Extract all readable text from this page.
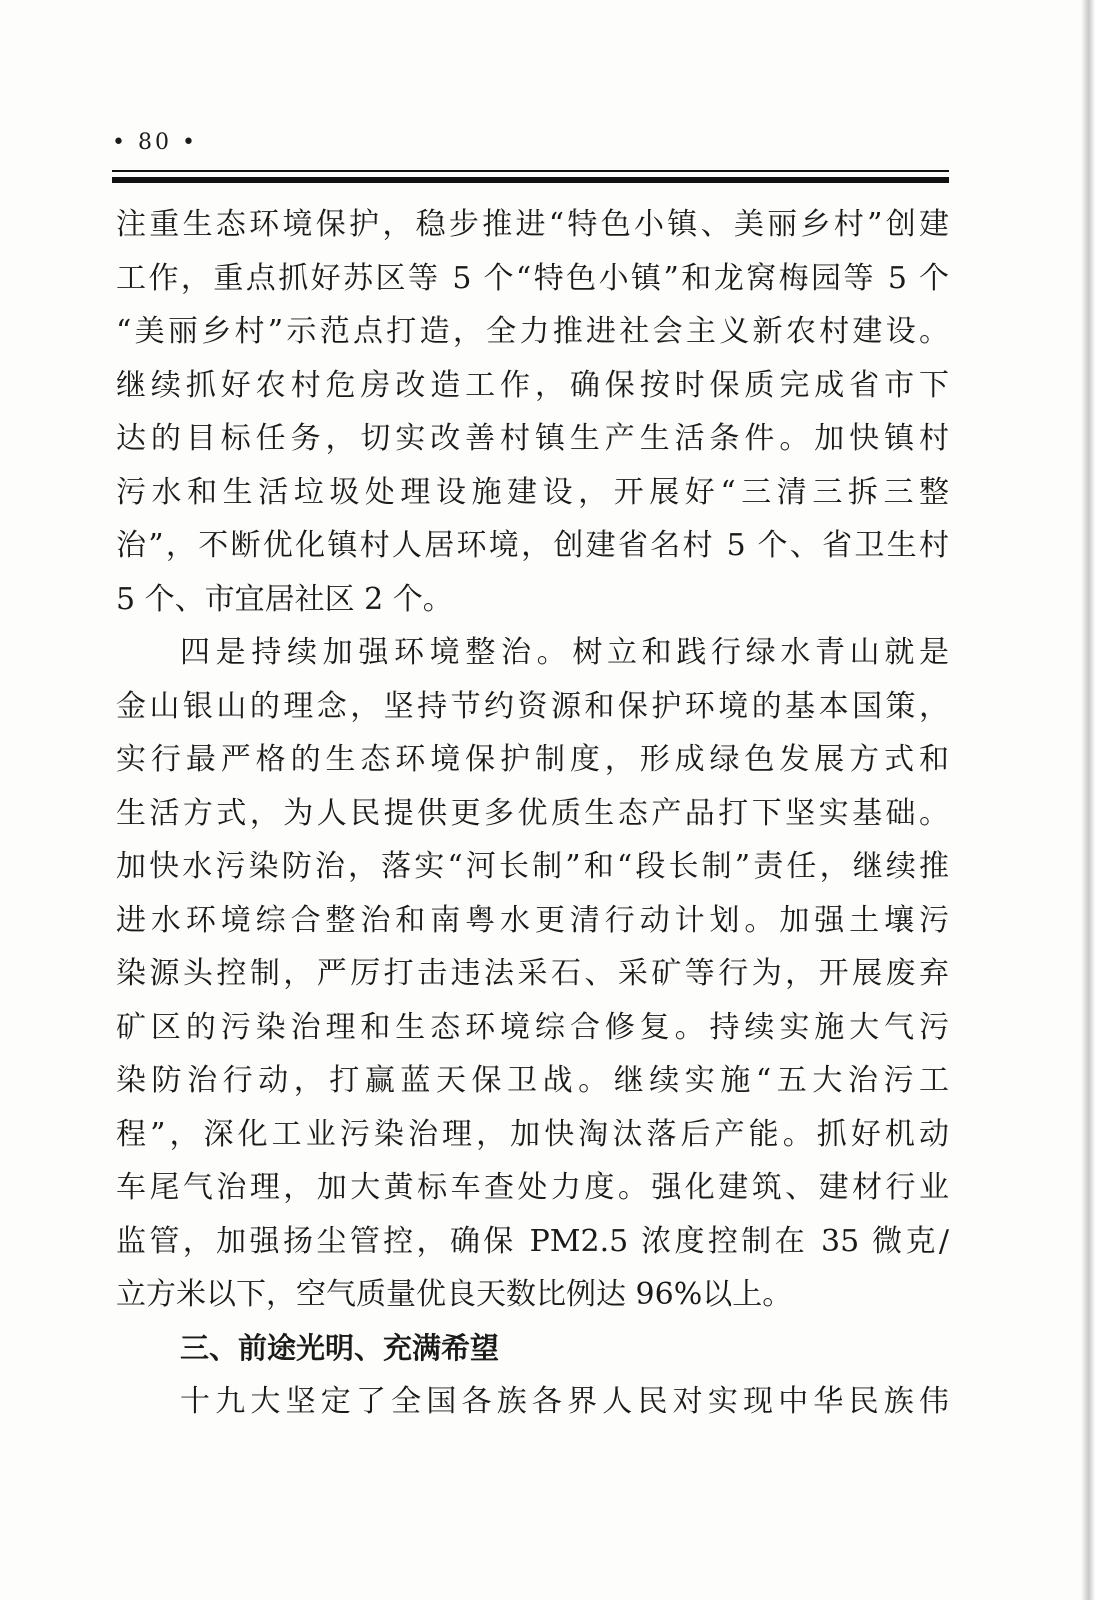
• 80 •
注重生态环境保护，稳步推进“特色小镇、美丽乡村”创建
工作，重点抓好苏区等 5 个“特色小镇”和龙窝梅园等 5 个
“美丽乡村”示范点打造，全力推进社会主义新农村建设。
继续抓好农村危房改造工作，确保按时保质完成省市下
达的目标任务，切实改善村镇生产生活条件。加快镇村
污水和生活垃圾处理设施建设，开展好“三清三拆三整
治”，不断优化镇村人居环境，创建省名村 5 个、省卫生村
5 个、市宜居社区 2 个。
四是持续加强环境整治。树立和践行绿水青山就是
金山银山的理念，坚持节约资源和保护环境的基本国策，
实行最严格的生态环境保护制度，形成绿色发展方式和
生活方式，为人民提供更多优质生态产品打下坚实基础。
加快水污染防治，落实“河长制”和“段长制”责任，继续推
进水环境综合整治和南粤水更清行动计划。加强土壤污
染源头控制，严厉打击违法采石、采矿等行为，开展废弃
矿区的污染治理和生态环境综合修复。持续实施大气污
染防治行动，打赢蓝天保卫战。继续实施“五大治污工
程”，深化工业污染治理，加快淘汰落后产能。抓好机动
车尾气治理，加大黄标车查处力度。强化建筑、建材行业
监管，加强扬尘管控，确保 PM2.5 浓度控制在 35 微克/
立方米以下，空气质量优良天数比例达 96%以上。
三、前途光明、充满希望
十九大坚定了全国各族各界人民对实现中华民族伟
